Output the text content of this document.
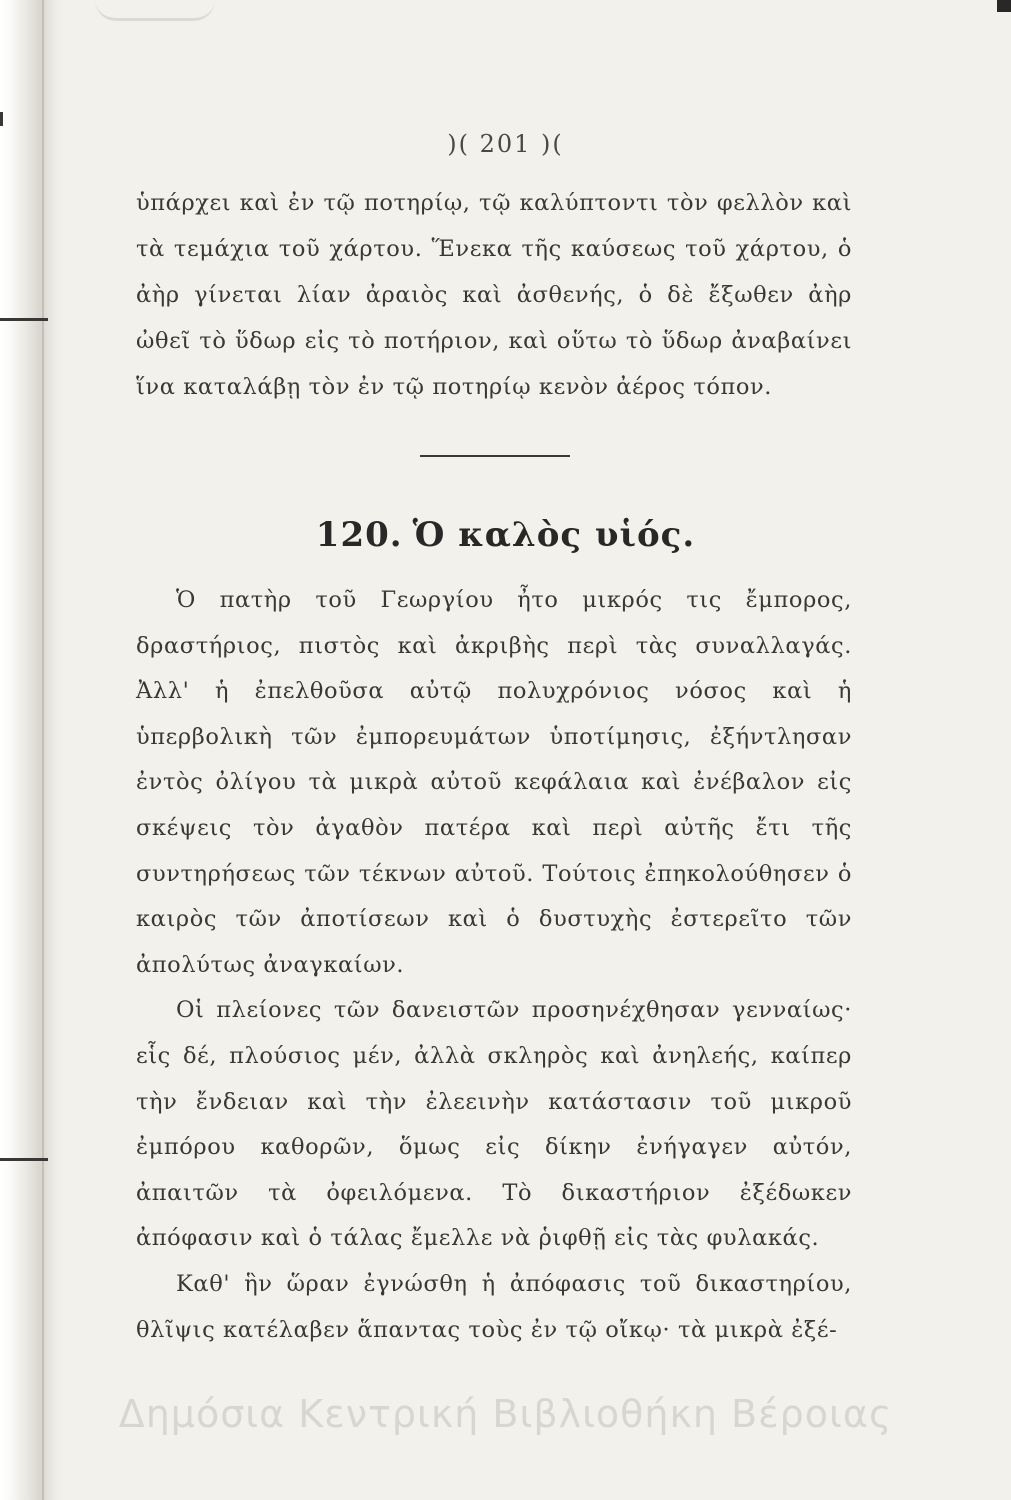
)( 201 )(

ὑπάρχει καὶ ἐν τῷ ποτηρίῳ, τῷ καλύπτοντι τὸν φελλὸν καὶ τὰ τεμάχια τοῦ χάρτου. Ἕνεκα τῆς καύσεως τοῦ χάρτου, ὁ ἀὴρ γίνεται λίαν ἀραιὸς καὶ ἀσθενής, ὁ δὲ ἔξωθεν ἀὴρ ὠθεῖ τὸ ὕδωρ εἰς τὸ ποτήριον, καὶ οὕτω τὸ ὕδωρ ἀναβαίνει ἵνα καταλάβῃ τὸν ἐν τῷ ποτηρίῳ κενὸν ἀέρος τόπον.

120. Ὁ καλὸς υἱός.

Ὁ πατὴρ τοῦ Γεωργίου ἦτο μικρός τις ἔμπορος, δραστήριος, πιστὸς καὶ ἀκριβὴς περὶ τὰς συναλλαγάς. Ἀλλ' ἡ ἐπελθοῦσα αὐτῷ πολυχρόνιος νόσος καὶ ἡ ὑπερβολικὴ τῶν ἐμπορευμάτων ὑποτίμησις, ἐξήντλησαν ἐντὸς ὀλίγου τὰ μικρὰ αὐτοῦ κεφάλαια καὶ ἐνέβαλον εἰς σκέψεις τὸν ἀγαθὸν πατέρα καὶ περὶ αὐτῆς ἔτι τῆς συντηρήσεως τῶν τέκνων αὐτοῦ. Τούτοις ἐπηκολούθησεν ὁ καιρὸς τῶν ἀποτίσεων καὶ ὁ δυστυχὴς ἐστερεῖτο τῶν ἀπολύτως ἀναγκαίων.

Οἱ πλείονες τῶν δανειστῶν προσηνέχθησαν γενναίως· εἷς δέ, πλούσιος μέν, ἀλλὰ σκληρὸς καὶ ἀνηλεής, καίπερ τὴν ἔνδειαν καὶ τὴν ἐλεεινὴν κατάστασιν τοῦ μικροῦ ἐμπόρου καθορῶν, ὅμως εἰς δίκην ἐνήγαγεν αὐτόν, ἀπαιτῶν τὰ ὀφειλόμενα. Τὸ δικαστήριον ἐξέδωκεν ἀπόφασιν καὶ ὁ τάλας ἔμελλε νὰ ῥιφθῇ εἰς τὰς φυλακάς.

Καθ' ἣν ὥραν ἐγνώσθη ἡ ἀπόφασις τοῦ δικαστηρίου, θλῖψις κατέλαβεν ἅπαντας τοὺς ἐν τῷ οἴκῳ· τὰ μικρὰ ἐξέ-

Δημόσια Κεντρική Βιβλιοθήκη Βέροιας
